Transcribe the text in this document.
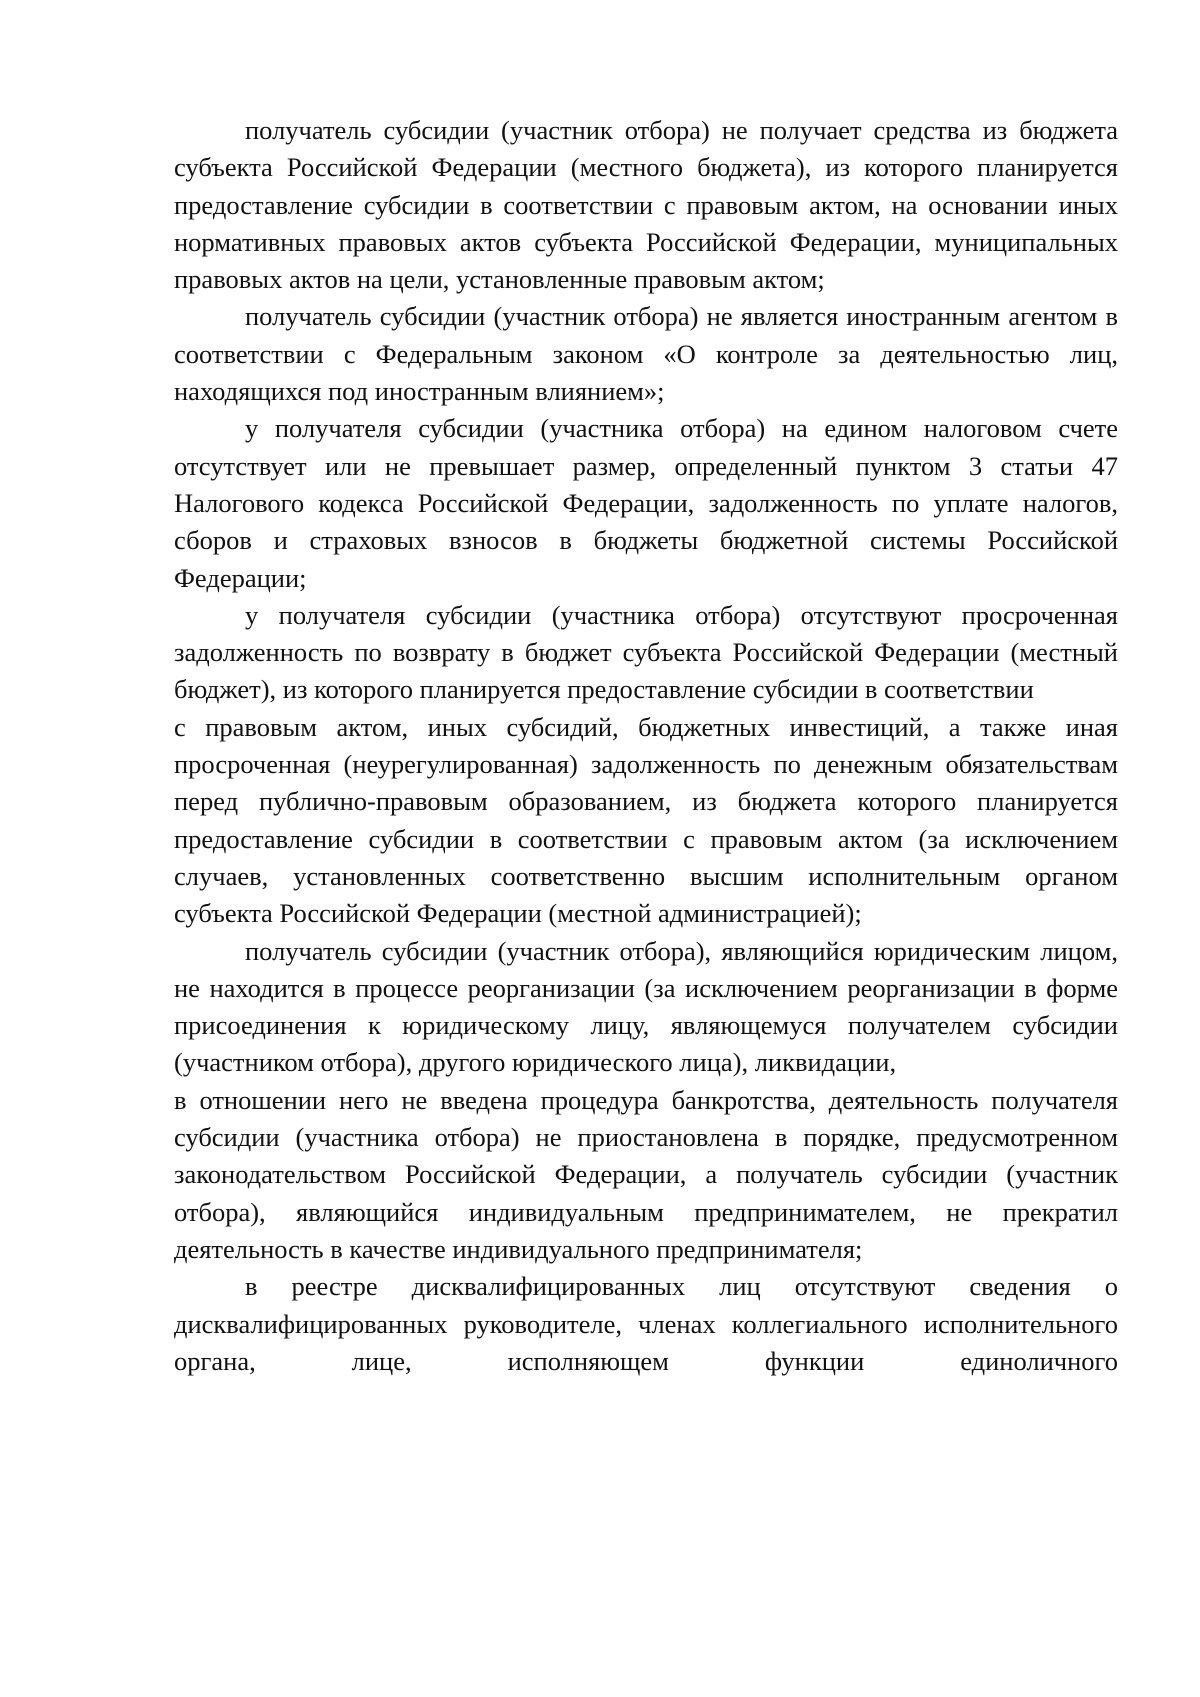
получатель субсидии (участник отбора) не получает средства из бюджета субъекта Российской Федерации (местного бюджета), из которого планируется предоставление субсидии в соответствии с правовым актом, на основании иных нормативных правовых актов субъекта Российской Федерации, муниципальных правовых актов на цели, установленные правовым актом;

получатель субсидии (участник отбора) не является иностранным агентом в соответствии с Федеральным законом «О контроле за деятельностью лиц, находящихся под иностранным влиянием»;

у получателя субсидии (участника отбора) на едином налоговом счете отсутствует или не превышает размер, определенный пунктом 3 статьи 47 Налогового кодекса Российской Федерации, задолженность по уплате налогов, сборов и страховых взносов в бюджеты бюджетной системы Российской Федерации;

у получателя субсидии (участника отбора) отсутствуют просроченная задолженность по возврату в бюджет субъекта Российской Федерации (местный бюджет), из которого планируется предоставление субсидии в соответствии

с правовым актом, иных субсидий, бюджетных инвестиций, а также иная просроченная (неурегулированная) задолженность по денежным обязательствам перед публично-правовым образованием, из бюджета которого планируется предоставление субсидии в соответствии с правовым актом (за исключением случаев, установленных соответственно высшим исполнительным органом субъекта Российской Федерации (местной администрацией);

получатель субсидии (участник отбора), являющийся юридическим лицом, не находится в процессе реорганизации (за исключением реорганизации в форме присоединения к юридическому лицу, являющемуся получателем субсидии (участником отбора), другого юридического лица), ликвидации,

в отношении него не введена процедура банкротства, деятельность получателя субсидии (участника отбора) не приостановлена в порядке, предусмотренном законодательством Российской Федерации, а получатель субсидии (участник отбора), являющийся индивидуальным предпринимателем, не прекратил деятельность в качестве индивидуального предпринимателя;

в реестре дисквалифицированных лиц отсутствуют сведения о дисквалифицированных руководителе, членах коллегиального исполнительного органа, лице, исполняющем функции единоличного
